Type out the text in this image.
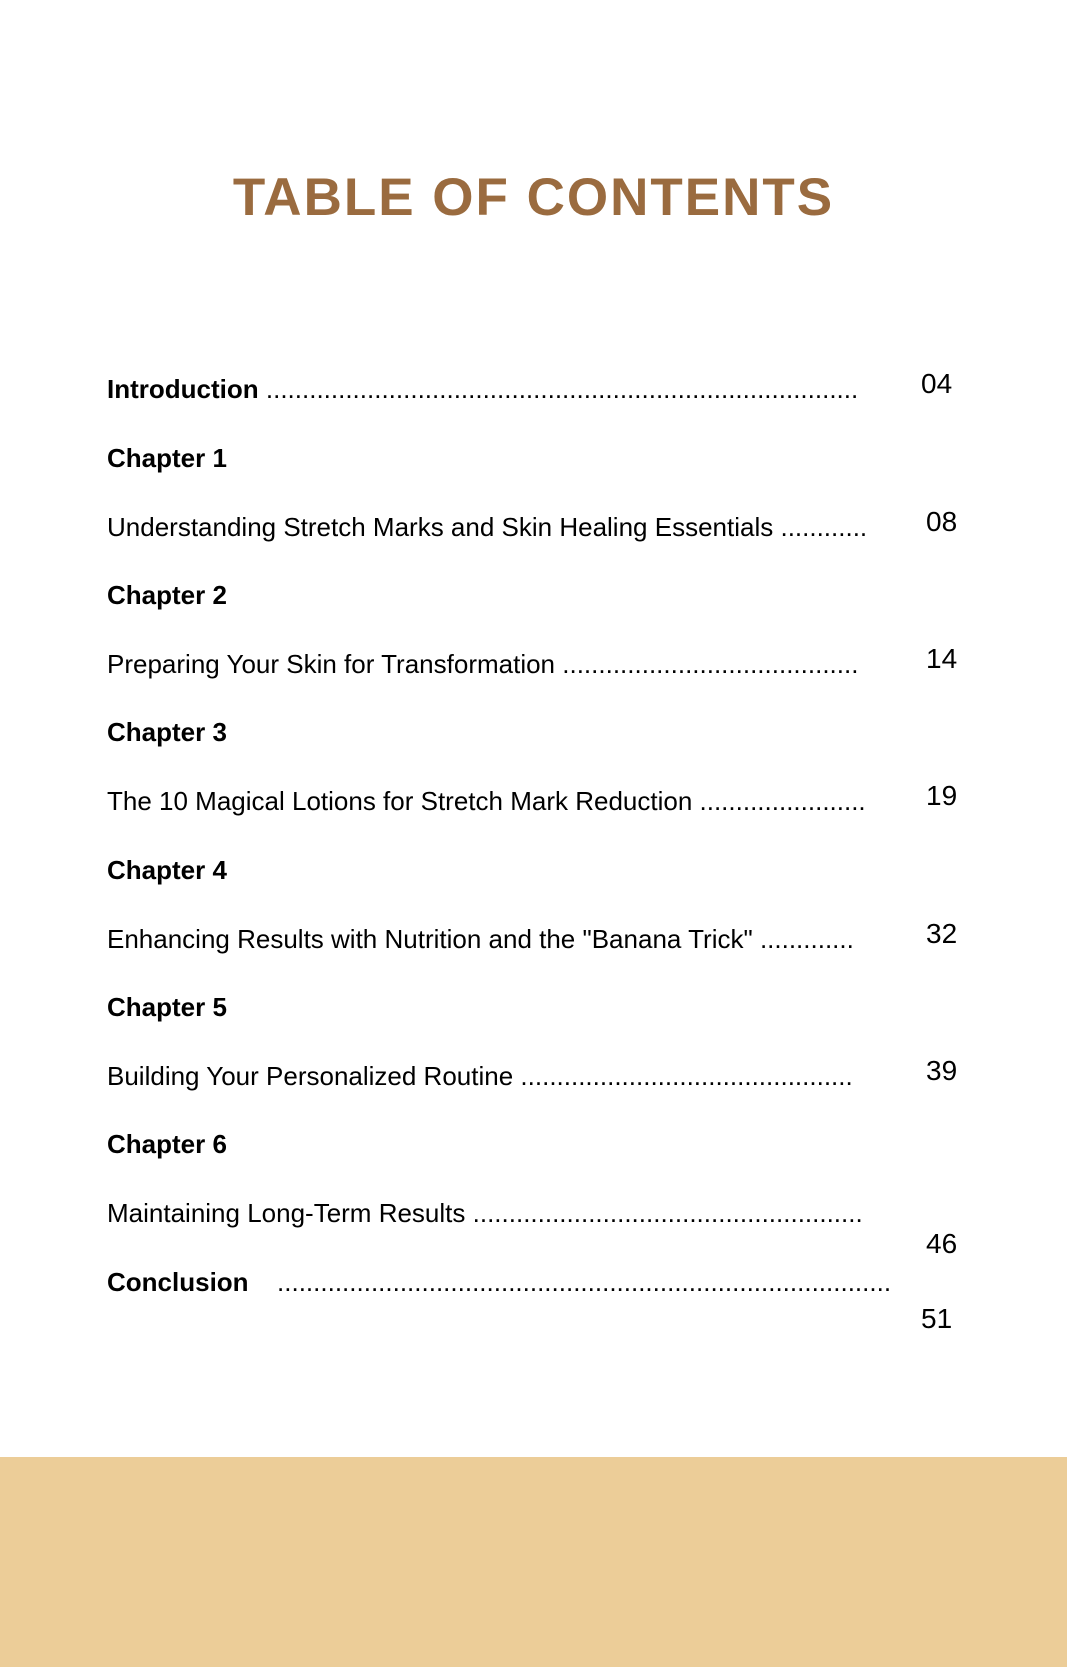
TABLE OF CONTENTS
Introduction .................................................................................. 04
Chapter 1
Understanding Stretch Marks and Skin Healing Essentials ............ 08
Chapter 2
Preparing Your Skin for Transformation ......................................... 14
Chapter 3
The 10 Magical Lotions for Stretch Mark Reduction ....................... 19
Chapter 4
Enhancing Results with Nutrition and the "Banana Trick" .............	32
Chapter 5
Building Your Personalized Routine ..............................................	39
Chapter 6
Maintaining Long-Term Results ......................................................
46
Conclusion .....................................................................................
51
